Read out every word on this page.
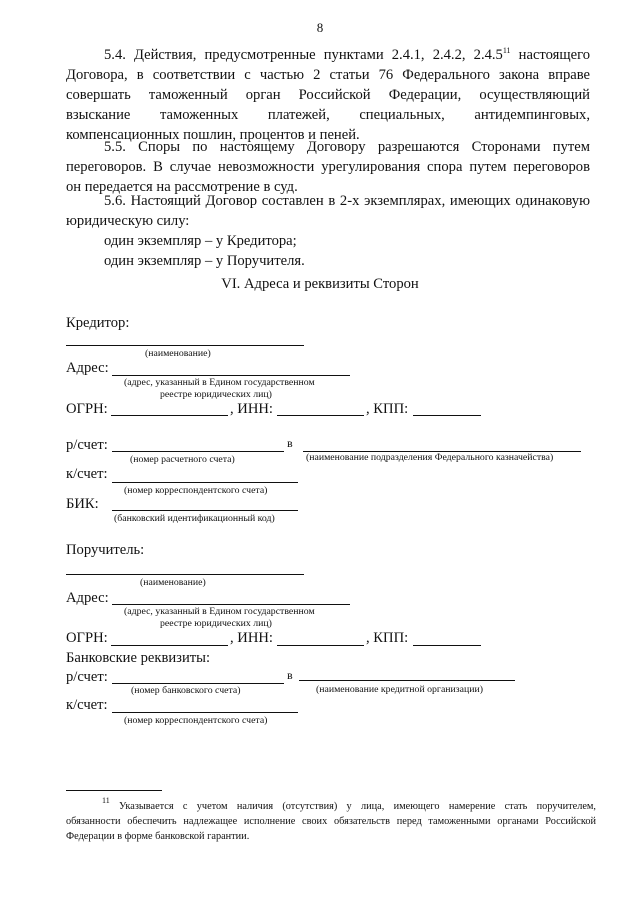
8
5.4. Действия, предусмотренные пунктами 2.4.1, 2.4.2, 2.4.5$^{11}$ настоящего
Договора, в соответствии с частью 2 статьи 76 Федерального закона вправе
совершать таможенный орган Российской Федерации, осуществляющий
взыскание таможенных платежей, специальных, антидемпинговых,
компенсационных пошлин, процентов и пеней.
5.5. Споры по настоящему Договору разрешаются Сторонами путем
переговоров. В случае невозможности урегулирования спора путем переговоров
он передается на рассмотрение в суд.
5.6. Настоящий Договор составлен в 2-х экземплярах, имеющих одинаковую
юридическую силу:
один экземпляр – у Кредитора;
один экземпляр – у Поручителя.
VI. Адреса и реквизиты Сторон
Кредитор:
(наименование)
Адрес:
(адрес, указанный в Едином государственном
реестре юридических лиц)
ОГРН:	, ИНН:	, КПП:
р/счет:	в
(номер расчетного счета)	(наименование подразделения Федерального казначейства)
к/счет:
(номер корреспондентского счета)
БИК:
(банковский идентификационный код)
Поручитель:
(наименование)
Адрес:
(адрес, указанный в Едином государственном
реестре юридических лиц)
ОГРН:	, ИНН:	, КПП:
Банковские реквизиты:
р/счет:	в
(номер банковского счета)	(наименование кредитной организации)
к/счет:
(номер корреспондентского счета)
$^{11}$ Указывается с учетом наличия (отсутствия) у лица, имеющего намерение стать поручителем,
обязанности обеспечить надлежащее исполнение своих обязательств перед таможенными органами Российской
Федерации в форме банковской гарантии.
